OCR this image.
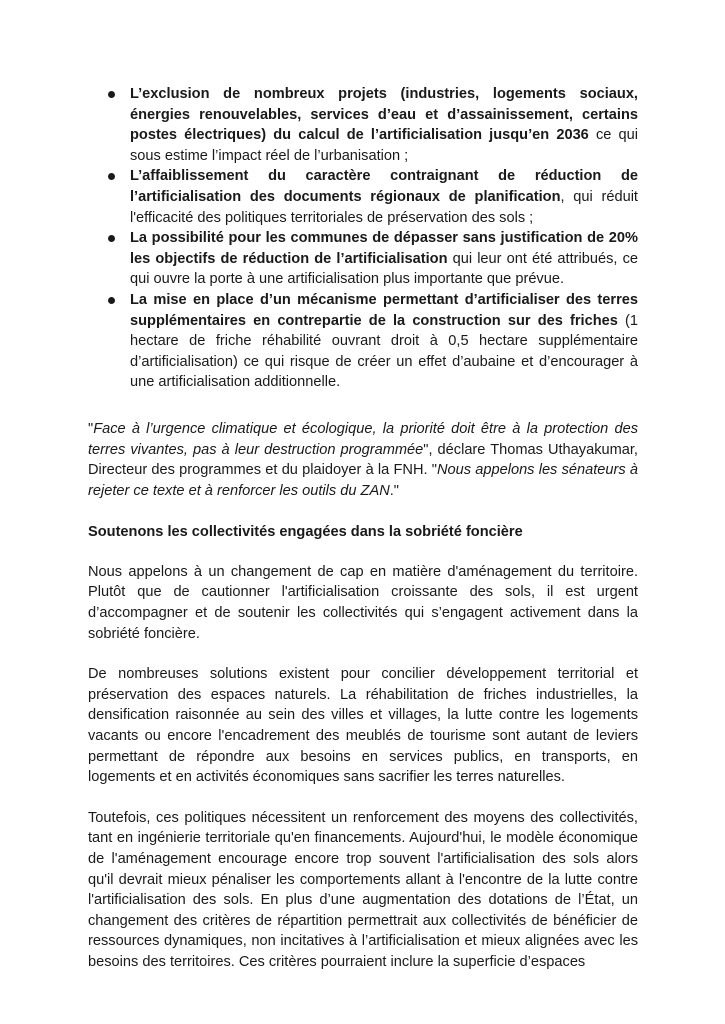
L’exclusion de nombreux projets (industries, logements sociaux, énergies renouvelables, services d’eau et d’assainissement, certains postes électriques) du calcul de l’artificialisation jusqu’en 2036 ce qui sous estime l’impact réel de l’urbanisation ;
L’affaiblissement du caractère contraignant de réduction de l’artificialisation des documents régionaux de planification, qui réduit l'efficacité des politiques territoriales de préservation des sols ;
La possibilité pour les communes de dépasser sans justification de 20% les objectifs de réduction de l’artificialisation qui leur ont été attribués, ce qui ouvre la porte à une artificialisation plus importante que prévue.
La mise en place d’un mécanisme permettant d’artificialiser des terres supplémentaires en contrepartie de la construction sur des friches (1 hectare de friche réhabilité ouvrant droit à 0,5 hectare supplémentaire d’artificialisation) ce qui risque de créer un effet d’aubaine et d’encourager à une artificialisation additionnelle.

"Face à l’urgence climatique et écologique, la priorité doit être à la protection des terres vivantes, pas à leur destruction programmée", déclare Thomas Uthayakumar, Directeur des programmes et du plaidoyer à la FNH. "Nous appelons les sénateurs à rejeter ce texte et à renforcer les outils du ZAN."

Soutenons les collectivités engagées dans la sobriété foncière

Nous appelons à un changement de cap en matière d'aménagement du territoire. Plutôt que de cautionner l'artificialisation croissante des sols, il est urgent d’accompagner et de soutenir les collectivités qui s’engagent activement dans la sobriété foncière.

De nombreuses solutions existent pour concilier développement territorial et préservation des espaces naturels. La réhabilitation de friches industrielles, la densification raisonnée au sein des villes et villages, la lutte contre les logements vacants ou encore l'encadrement des meublés de tourisme sont autant de leviers permettant de répondre aux besoins en services publics, en transports, en logements et en activités économiques sans sacrifier les terres naturelles.

Toutefois, ces politiques nécessitent un renforcement des moyens des collectivités, tant en ingénierie territoriale qu'en financements. Aujourd'hui, le modèle économique de l'aménagement encourage encore trop souvent l'artificialisation des sols alors qu'il devrait mieux pénaliser les comportements allant à l'encontre de la lutte contre l'artificialisation des sols. En plus d’une augmentation des dotations de l’État, un changement des critères de répartition permettrait aux collectivités de bénéficier de ressources dynamiques, non incitatives à l’artificialisation et mieux alignées avec les besoins des territoires. Ces critères pourraient inclure la superficie d’espaces
